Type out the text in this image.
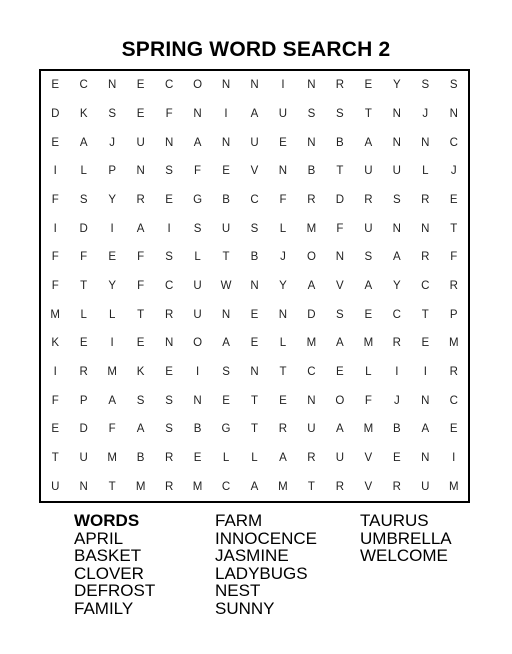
SPRING WORD SEARCH 2
E	C	N	E	C	O	N	N	I	N	R	E	Y	S	S
D	K	S	E	F	N	I	A	U	S	S	T	N	J	N
E	A	J	U	N	A	N	U	E	N	B	A	N	N	C
I	L	P	N	S	F	E	V	N	B	T	U	U	L	J
F	S	Y	R	E	G	B	C	F	R	D	R	S	R	E
I	D	I	A	I	S	U	S	L	M	F	U	N	N	T
F	F	E	F	S	L	T	B	J	O	N	S	A	R	F
F	T	Y	F	C	U	W	N	Y	A	V	A	Y	C	R
M	L	L	T	R	U	N	E	N	D	S	E	C	T	P
K	E	I	E	N	O	A	E	L	M	A	M	R	E	M
I	R	M	K	E	I	S	N	T	C	E	L	I	I	R
F	P	A	S	S	N	E	T	E	N	O	F	J	N	C
E	D	F	A	S	B	G	T	R	U	A	M	B	A	E
T	U	M	B	R	E	L	L	A	R	U	V	E	N	I
U	N	T	M	R	M	C	A	M	T	R	V	R	U	M
WORDS
APRIL
BASKET
CLOVER
DEFROST
FAMILY
FARM
INNOCENCE
JASMINE
LADYBUGS
NEST
SUNNY
TAURUS
UMBRELLA
WELCOME
